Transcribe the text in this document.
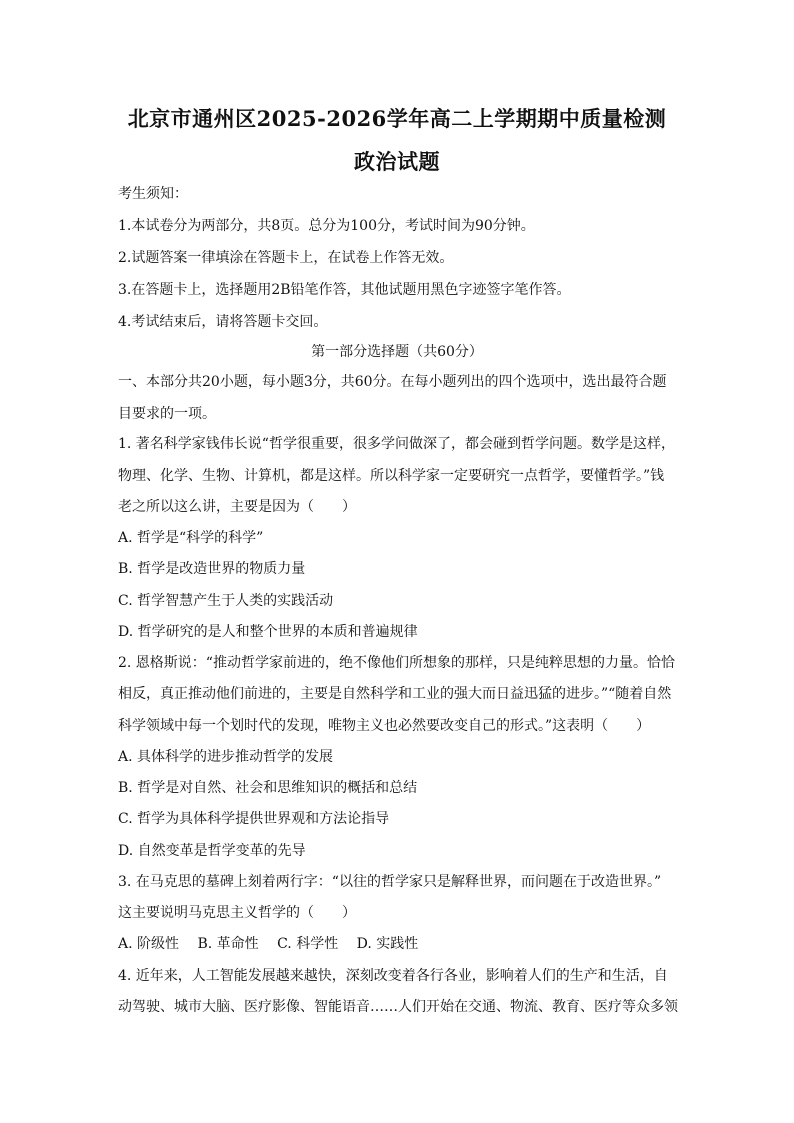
北京市通州区2025-2026学年高二上学期期中质量检测
政治试题
考生须知：
1.本试卷分为两部分，共8页。总分为100分，考试时间为90分钟。
2.试题答案一律填涂在答题卡上，在试卷上作答无效。
3.在答题卡上，选择题用2B铅笔作答，其他试题用黑色字迹签字笔作答。
4.考试结束后，请将答题卡交回。
第一部分选择题（共60分）
一、本部分共20小题，每小题3分，共60分。在每小题列出的四个选项中，选出最符合题
目要求的一项。
1. 著名科学家钱伟长说“哲学很重要，很多学问做深了，都会碰到哲学问题。数学是这样，
物理、化学、生物、计算机，都是这样。所以科学家一定要研究一点哲学，要懂哲学。”钱
老之所以这么讲，主要是因为（　　）
A. 哲学是“科学的科学”
B. 哲学是改造世界的物质力量
C. 哲学智慧产生于人类的实践活动
D. 哲学研究的是人和整个世界的本质和普遍规律
2. 恩格斯说：“推动哲学家前进的，绝不像他们所想象的那样，只是纯粹思想的力量。恰恰
相反，真正推动他们前进的，主要是自然科学和工业的强大而日益迅猛的进步。”“随着自然
科学领域中每一个划时代的发现，唯物主义也必然要改变自己的形式。”这表明（　　）
A. 具体科学的进步推动哲学的发展
B. 哲学是对自然、社会和思维知识的概括和总结
C. 哲学为具体科学提供世界观和方法论指导
D. 自然变革是哲学变革的先导
3. 在马克思的墓碑上刻着两行字：“以往的哲学家只是解释世界，而问题在于改造世界。”
这主要说明马克思主义哲学的（　　）
A. 阶级性　 B. 革命性　 C. 科学性　 D. 实践性
4. 近年来，人工智能发展越来越快，深刻改变着各行各业，影响着人们的生产和生活，自
动驾驶、城市大脑、医疗影像、智能语音……人们开始在交通、物流、教育、医疗等众多领
